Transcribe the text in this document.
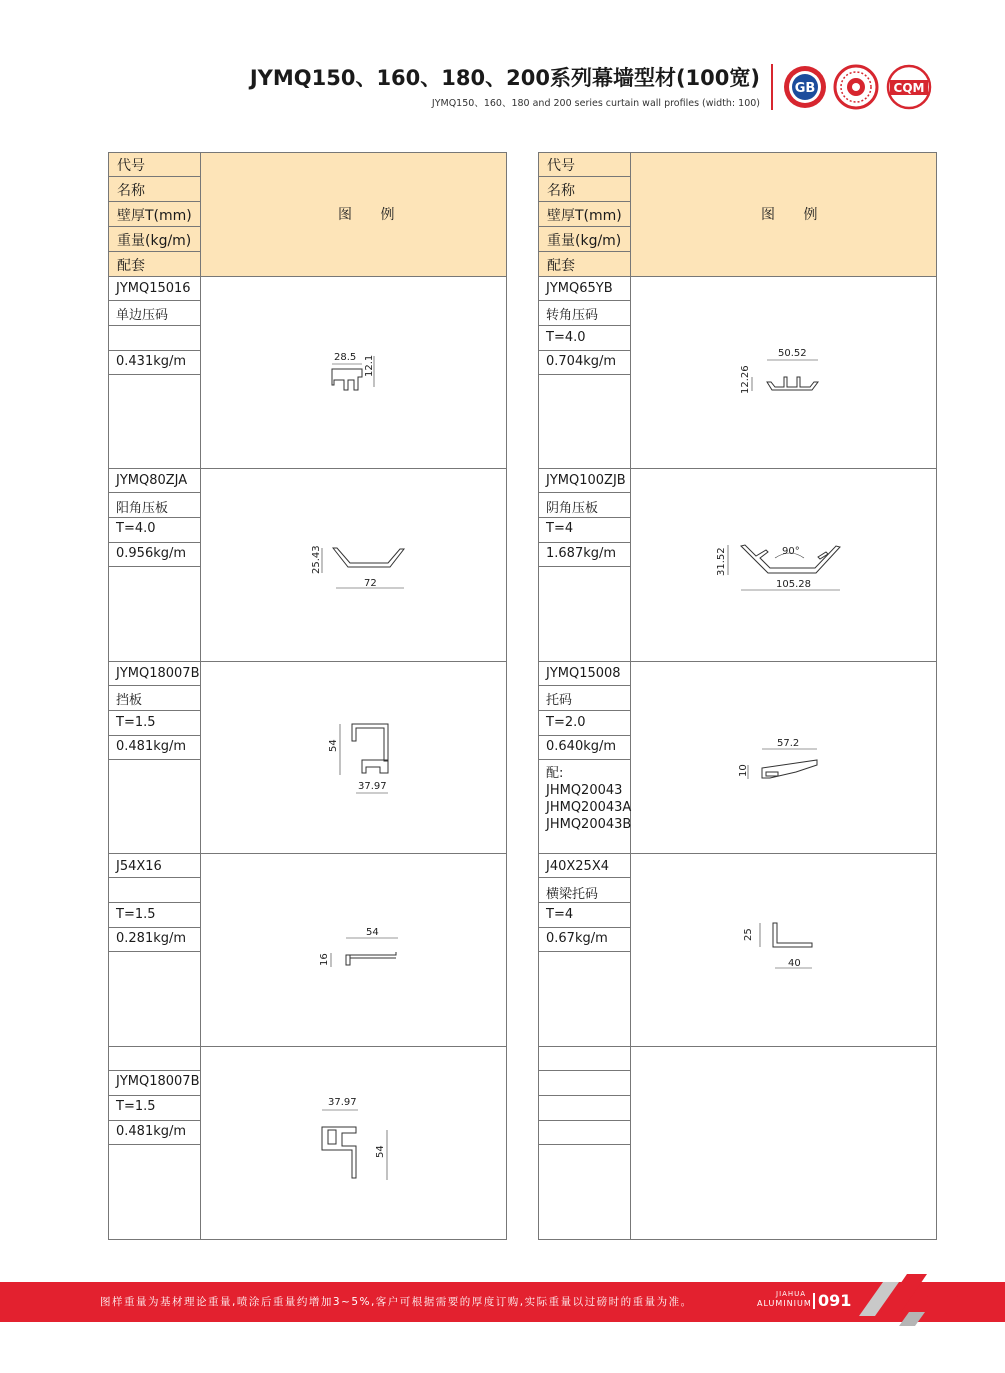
JYMQ150、160、180、200系列幕墙型材(100宽)
JYMQ150、160、180 and 200 series curtain wall profiles (width: 100)
GB	CQM
代号
名称
壁厚T(mm)
重量(kg/m)
配套
图 例
代号
名称
壁厚T(mm)
重量(kg/m)
配套
图 例
JYMQ15016
单边压码
0.431kg/m
JYMQ80ZJA
阳角压板
T=4.0
0.956kg/m
JYMQ18007B
挡板
T=1.5
0.481kg/m
J54X16
T=1.5
0.281kg/m
JYMQ18007B
T=1.5
0.481kg/m
JYMQ65YB
转角压码
T=4.0
0.704kg/m
JYMQ100ZJB
阴角压板
T=4
1.687kg/m
JYMQ15008
托码
T=2.0
0.640kg/m
配:
JHMQ20043
JHMQ20043A
JHMQ20043B
J40X25X4
横梁托码
T=4
0.67kg/m
28.5 12.1
50.52
12.26
25.43
72
31.52	90°
105.28
54
37.97
57.2
10
54
16
25
40
37.97
54
图样重量为基材理论重量,喷涂后重量约增加3~5%,客户可根据需要的厚度订购,实际重量以过磅时的重量为准。
JIAHUA
ALUMINIUM 091
